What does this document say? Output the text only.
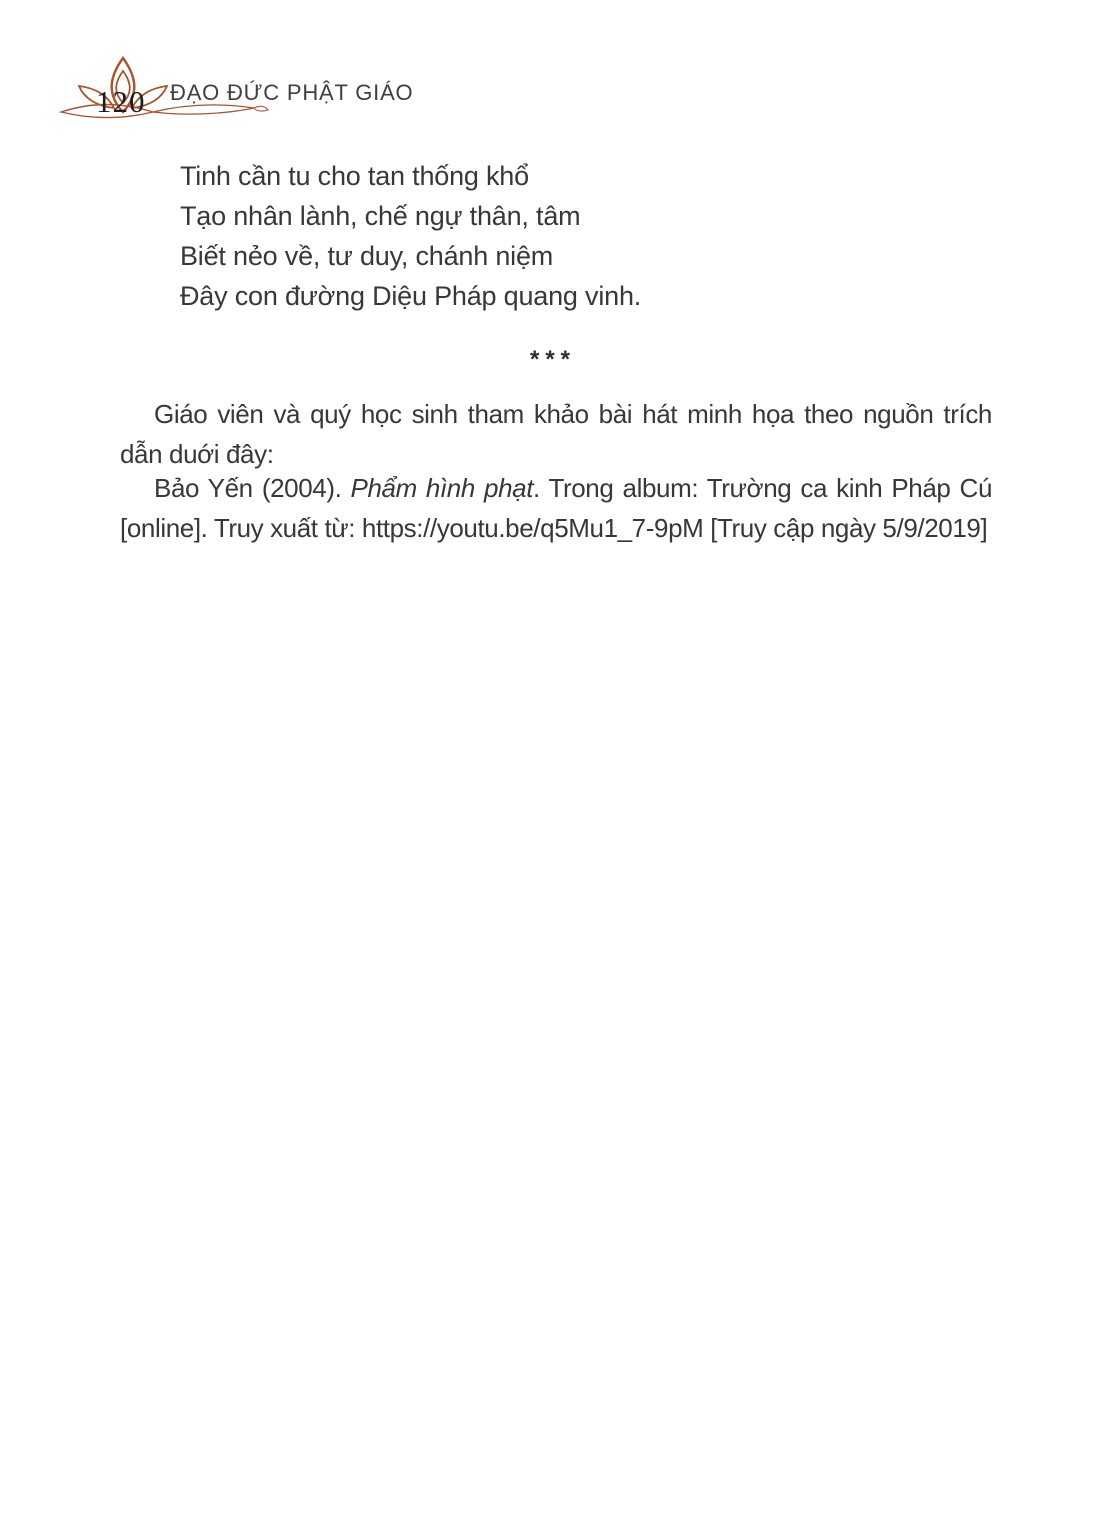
120 ĐẠO ĐỨC PHẬT GIÁO
Tinh cần tu cho tan thống khổ
Tạo nhân lành, chế ngự thân, tâm
Biết nẻo về, tư duy, chánh niệm
Đây con đường Diệu Pháp quang vinh.
***

Giáo viên và quý học sinh tham khảo bài hát minh họa theo nguồn trích dẫn duới đây:

Bảo Yến (2004). Phẩm hình phạt. Trong album: Trường ca kinh Pháp Cú [online]. Truy xuất từ: https://youtu.be/q5Mu1_7-9pM [Truy cập ngày 5/9/2019]
